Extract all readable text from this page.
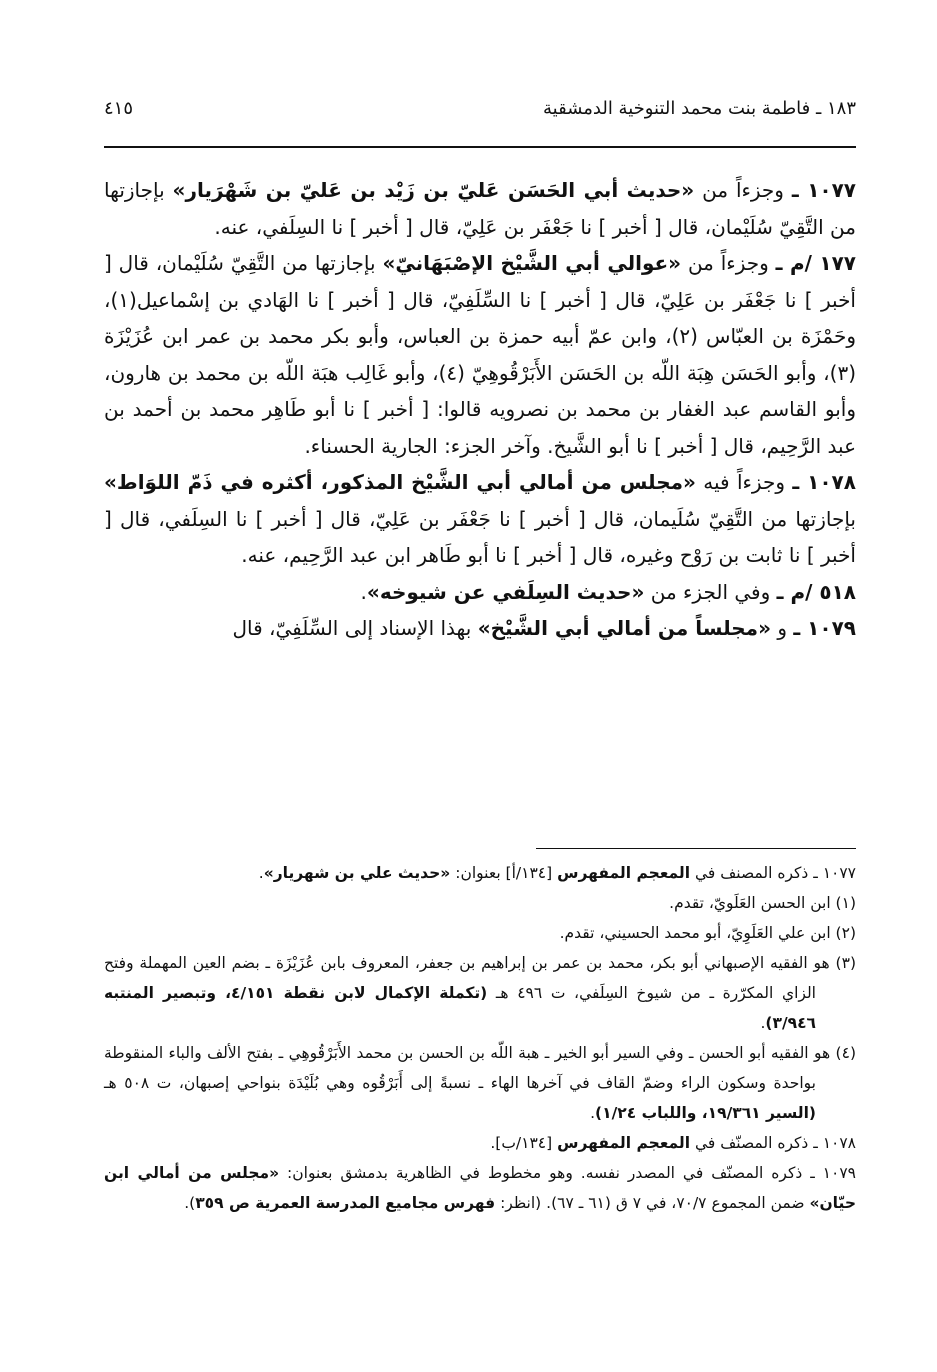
١٨٣ ـ فاطمة بنت محمد التنوخية الدمشقية
٤١٥

١٠٧٧ ـ وجزءاً من «حديث أبي الحَسَن عَليّ بن زَيْد بن عَليّ بن شَهْرَيار» بإجازتها من التَّقِيّ سُلَيْمان، قال [ أخبر ] نا جَعْفَر بن عَلِيّ، قال [ أخبر ] نا السِلَفي، عنه.

١٧٧ /م ـ وجزءاً من «عوالي أبي الشَّيْخ الإصْبَهَانيّ» بإجازتها من التَّقِيّ سُلَيْمان، قال [ أخبر ] نا جَعْفَر بن عَلِيّ، قال [ أخبر ] نا السِّلَفِيّ، قال [ أخبر ] نا الهَادي بن إسْماعيل(١)، وحَمْزَة بن العبّاس (٢)، وابن عمّ أبيه حمزة بن العباس، وأبو بكر محمد بن عمر ابن عُزَيْزَة (٣)، وأبو الحَسَن هِبَة اللّه بن الحَسَن الأَبَرْقُوهِيّ (٤)، وأبو غَالِب هبَة اللّه بن محمد بن هارون، وأبو القاسم عبد الغفار بن محمد بن نصرويه قالوا: [ أخبر ] نا أبو طَاهِر محمد بن أحمد بن عبد الرَّحِيم، قال [ أخبر ] نا أبو الشَّيخ. وآخر الجزء: الجارية الحسناء.

١٠٧٨ ـ وجزءاً فيه «مجلس من أمالي أبي الشَّيْخ المذكور، أكثره في ذَمّ اللوَاط» بإجازتها من التَّقِيّ سُلَيمان، قال [ أخبر ] نا جَعْفَر بن عَلِيّ، قال [ أخبر ] نا السِلَفي، قال [ أخبر ] نا ثابت بن رَوْح وغيره، قال [ أخبر ] نا أبو طَاهر ابن عبد الرَّحِيم، عنه.

٥١٨ /م ـ وفي الجزء من «حديث السِلَفي عن شيوخه».

١٠٧٩ ـ و «مجلساً من أمالي أبي الشَّيْخ» بهذا الإسناد إلى السِّلَفِيّ، قال

١٠٧٧ ـ ذكره المصنف في المعجم المفهرس [١٣٤/أ] بعنوان: «حديث علي بن شهريار».

(١) ابن الحسن العَلَويّ، تقدم.

(٢) ابن علي العَلَوِيّ، أبو محمد الحسيني، تقدم.

(٣) هو الفقيه الإصبهاني أبو بكر، محمد بن عمر بن إبراهيم بن جعفر، المعروف بابن عُزَيْزَة ـ بضم العين المهملة وفتح الزاي المكرّرة ـ من شيوخ السِلَفي، ت ٤٩٦ هـ (تكملة الإكمال لابن نقطة ٤/١٥١، وتبصير المنتبه ٣/٩٤٦).

(٤) هو الفقيه أبو الحسن ـ وفي السير أبو الخير ـ هبة اللّه بن الحسن بن محمد الأَبَرْقُوهِي ـ بفتح الألف والباء المنقوطة بواحدة وسكون الراء وضمّ القاف في آخرها الهاء ـ نسبةً إلى أَبَرْقُوه وهي بُلَيْدَة بنواحي إصبهان، ت ٥٠٨ هـ (السير ١٩/٣٦١، واللباب ١/٢٤).

١٠٧٨ ـ ذكره المصنّف في المعجم المفهرس [١٣٤/ب].

١٠٧٩ ـ ذكره المصنّف في المصدر نفسه. وهو مخطوط في الظاهرية بدمشق بعنوان: «مجلس من أمالي ابن حيّان» ضمن المجموع ٧٠/٧، في ٧ ق (٦١ ـ ٦٧). (انظر: فهرس مجاميع المدرسة العمرية ص ٣٥٩).
